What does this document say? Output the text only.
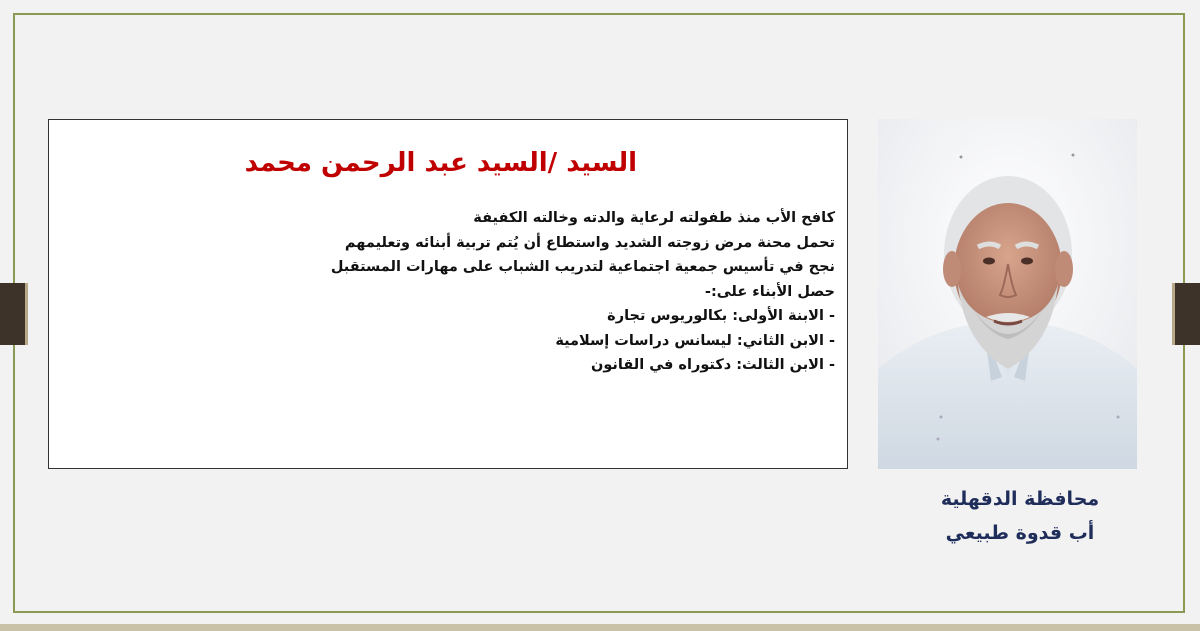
السيد /السيد عبد الرحمن محمد
كافح الأب منذ طفولته لرعاية والدته وخالته الكفيفة
تحمل محنة مرض زوجته الشديد واستطاع أن يُتم تربية أبنائه وتعليمهم
نجح في تأسيس جمعية اجتماعية لتدريب الشباب على مهارات المستقبل
حصل الأبناء على:-
- الابنة الأولى: بكالوريوس تجارة
- الابن الثاني: ليسانس دراسات إسلامية
- الابن الثالث: دكتوراه في القانون
محافظة الدقهلية
أب قدوة طبيعي
